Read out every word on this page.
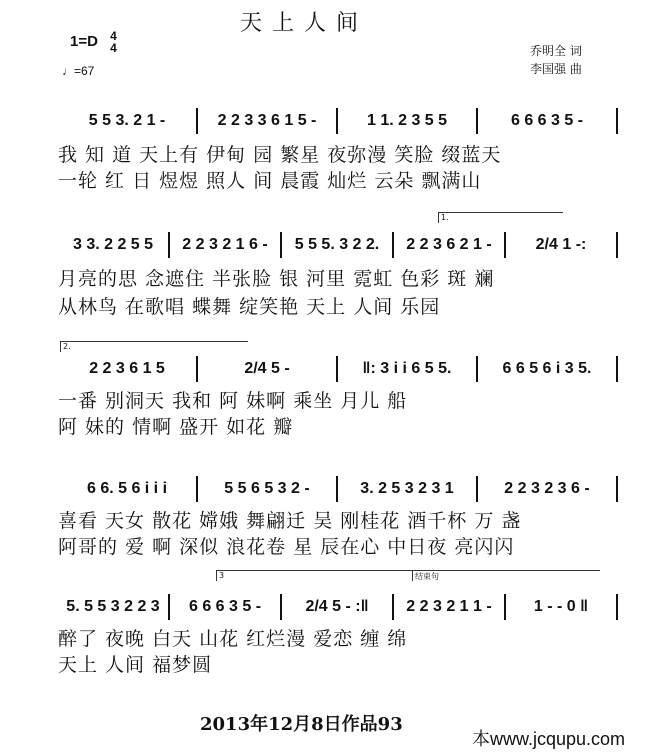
天上人间
1=D 4
4
♩=67
乔明全 词
李国强 曲
1.
2.
3	结束句
5 5 3. 2 1 -	2 2 3 3 6 1 5 -	1 1. 2 3 5 5	6 6 6 3 5 -
我 知 道 天上有 伊甸 园 繁星 夜弥漫 笑脸 缀蓝天
一轮 红 日 煜煜 照人 间 晨霞 灿烂 云朵 飘满山
3 3. 2 2 5 5	2 2 3 2 1 6 -	5 5 5. 3 2 2.	2 2 3 6 2 1 -	2/4 1 -:
月亮的思 念遮住 半张脸 银 河里 霓虹 色彩 斑 斓
从林鸟 在歌唱 蝶舞 绽笑艳 天上 人间 乐园
2 2 3 6 1 5	2/4 5 -	‖: 3 i i 6 5 5.	6 6 5 6 i 3 5.
一番 别洞天 我和 阿 妹啊 乘坐 月儿 船
阿 妹的 情啊 盛开 如花 瓣
6 6. 5 6 i i i	5 5 6 5 3 2 -	3. 2 5 3 2 3 1	2 2 3 2 3 6 -
喜看 天女 散花 嫦娥 舞翩迁 吴 刚桂花 酒千杯 万 盏
阿哥的 爱 啊 深似 浪花卷 星 辰在心 中日夜 亮闪闪
5. 5 5 3 2 2 3	6 6 6 3 5 -	2/4 5 - :‖	2 2 3 2 1 1 -	1 - - 0 ‖
醉了 夜晚 白天 山花 红烂漫 爱恋 缠 绵
天上 人间 福梦圆
2013年12月8日作品93
本www.jcqupu.com
